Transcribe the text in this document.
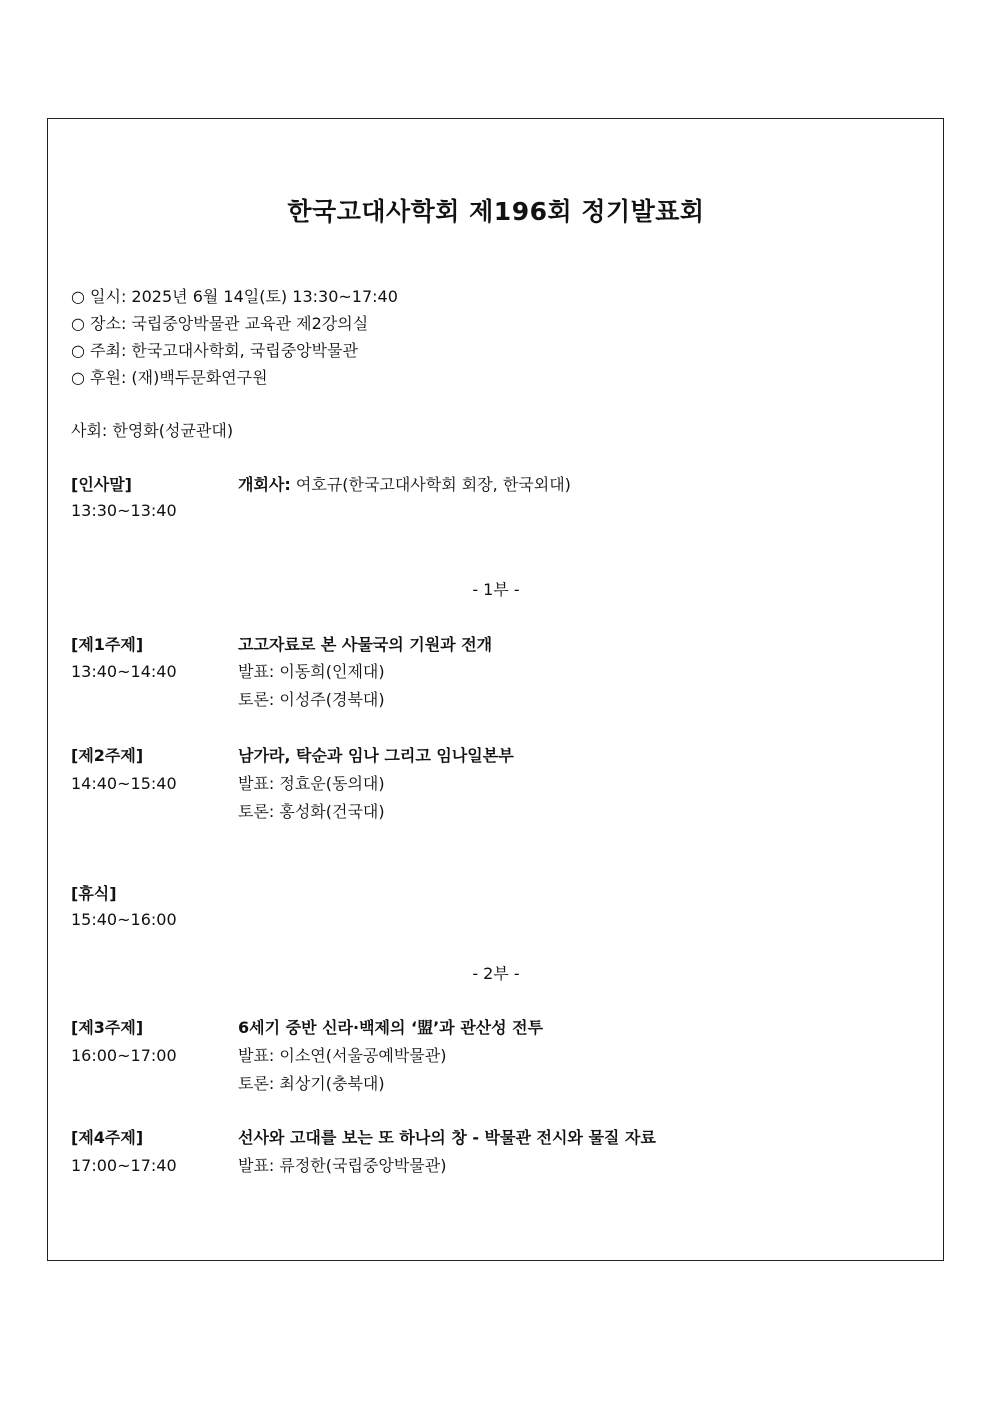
한국고대사학회 제196회 정기발표회
○ 일시: 2025년 6월 14일(토) 13:30~17:40
○ 장소: 국립중앙박물관 교육관 제2강의실
○ 주최: 한국고대사학회, 국립중앙박물관
○ 후원: (재)백두문화연구원
사회: 한영화(성균관대)
[인사말]
13:30~13:40
개회사: 여호규(한국고대사학회 회장, 한국외대)
- 1부 -
[제1주제]
13:40~14:40
고고자료로 본 사물국의 기원과 전개
발표: 이동희(인제대)
토론: 이성주(경북대)
[제2주제]
14:40~15:40
남가라, 탁순과 임나 그리고 임나일본부
발표: 정효운(동의대)
토론: 홍성화(건국대)
[휴식]
15:40~16:00
- 2부 -
[제3주제]
16:00~17:00
6세기 중반 신라·백제의 ‘盟’과 관산성 전투
발표: 이소연(서울공예박물관)
토론: 최상기(충북대)
[제4주제]
17:00~17:40
선사와 고대를 보는 또 하나의 창 - 박물관 전시와 물질 자료
발표: 류정한(국립중앙박물관)
